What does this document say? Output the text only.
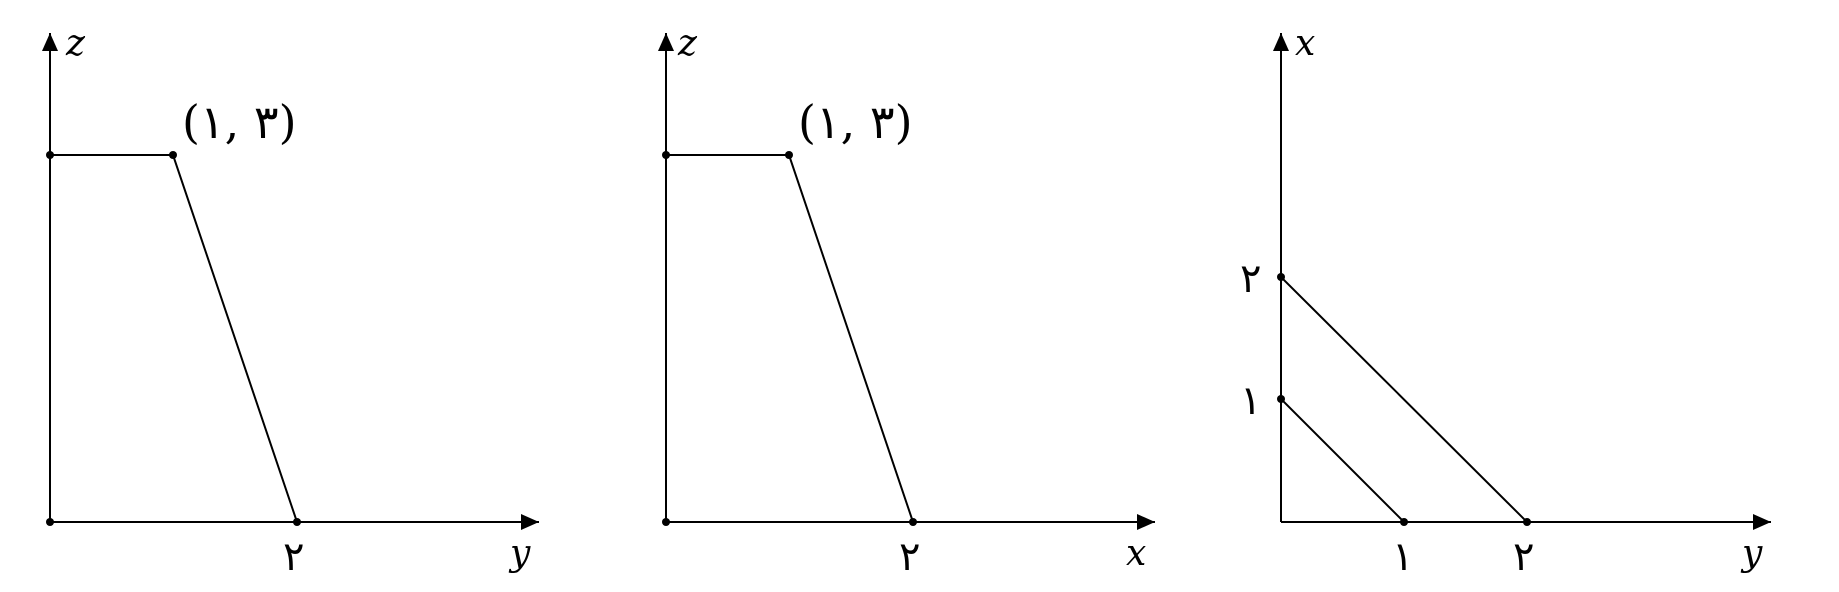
z
y
(۱, ۳)
۲
z
x
(۱, ۳)
۲
x
y
۱ ۲
۱
۲
